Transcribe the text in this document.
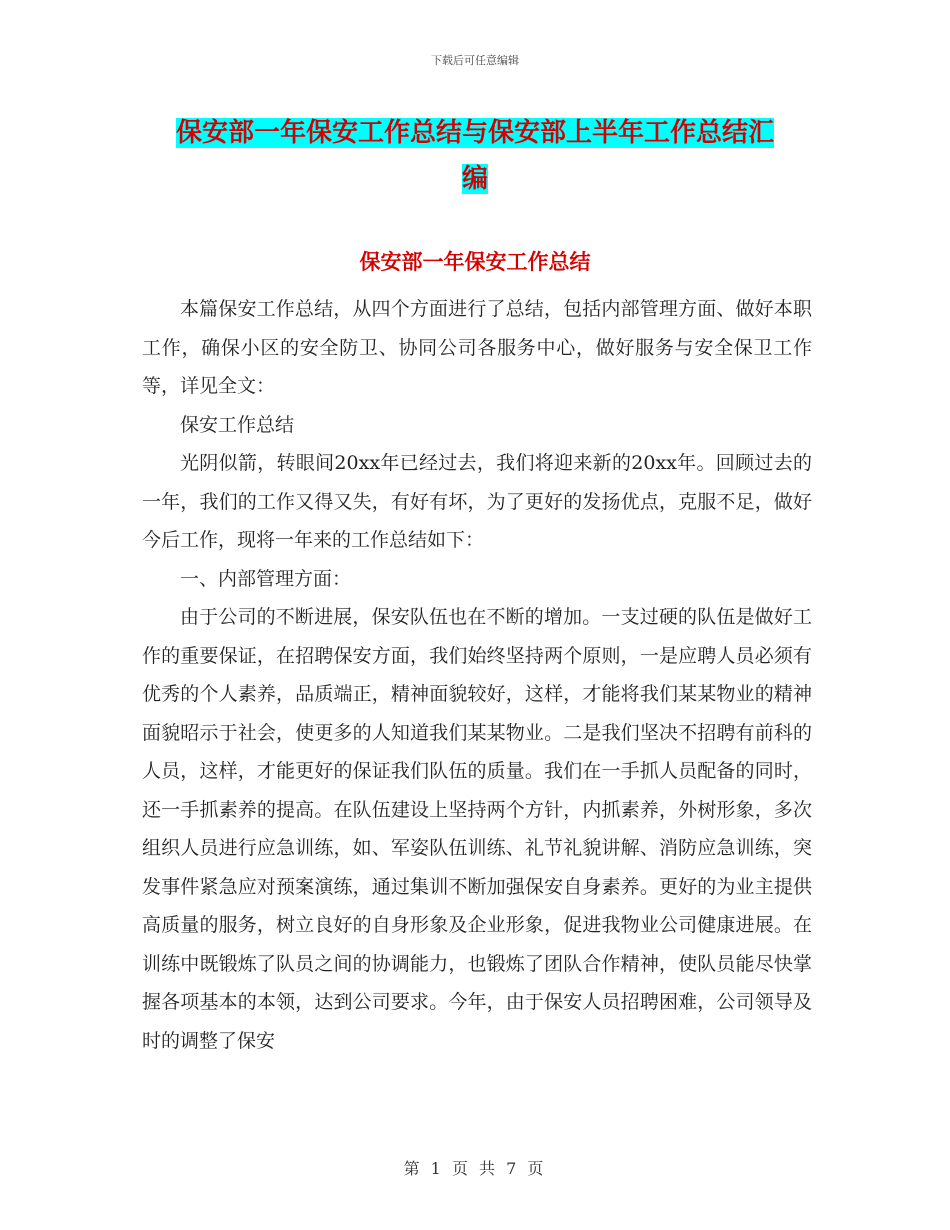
下载后可任意编辑
保安部一年保安工作总结与保安部上半年工作总结汇
编
保安部一年保安工作总结

本篇保安工作总结，从四个方面进行了总结，包括内部管理方面、做好本职工作，确保小区的安全防卫、协同公司各服务中心，做好服务与安全保卫工作等，详见全文：

保安工作总结

光阴似箭，转眼间20xx年已经过去，我们将迎来新的20xx年。回顾过去的一年，我们的工作又得又失，有好有坏，为了更好的发扬优点，克服不足，做好今后工作，现将一年来的工作总结如下：

一、内部管理方面：

由于公司的不断进展，保安队伍也在不断的增加。一支过硬的队伍是做好工作的重要保证，在招聘保安方面，我们始终坚持两个原则，一是应聘人员必须有优秀的个人素养，品质端正，精神面貌较好，这样，才能将我们某某物业的精神面貌昭示于社会，使更多的人知道我们某某物业。二是我们坚决不招聘有前科的人员，这样，才能更好的保证我们队伍的质量。我们在一手抓人员配备的同时，还一手抓素养的提高。在队伍建设上坚持两个方针，内抓素养，外树形象，多次组织人员进行应急训练，如、军姿队伍训练、礼节礼貌讲解、消防应急训练，突发事件紧急应对预案演练，通过集训不断加强保安自身素养。更好的为业主提供高质量的服务，树立良好的自身形象及企业形象，促进我物业公司健康进展。在训练中既锻炼了队员之间的协调能力，也锻炼了团队合作精神，使队员能尽快掌握各项基本的本领，达到公司要求。今年，由于保安人员招聘困难，公司领导及时的调整了保安

第 1 页 共 7 页
